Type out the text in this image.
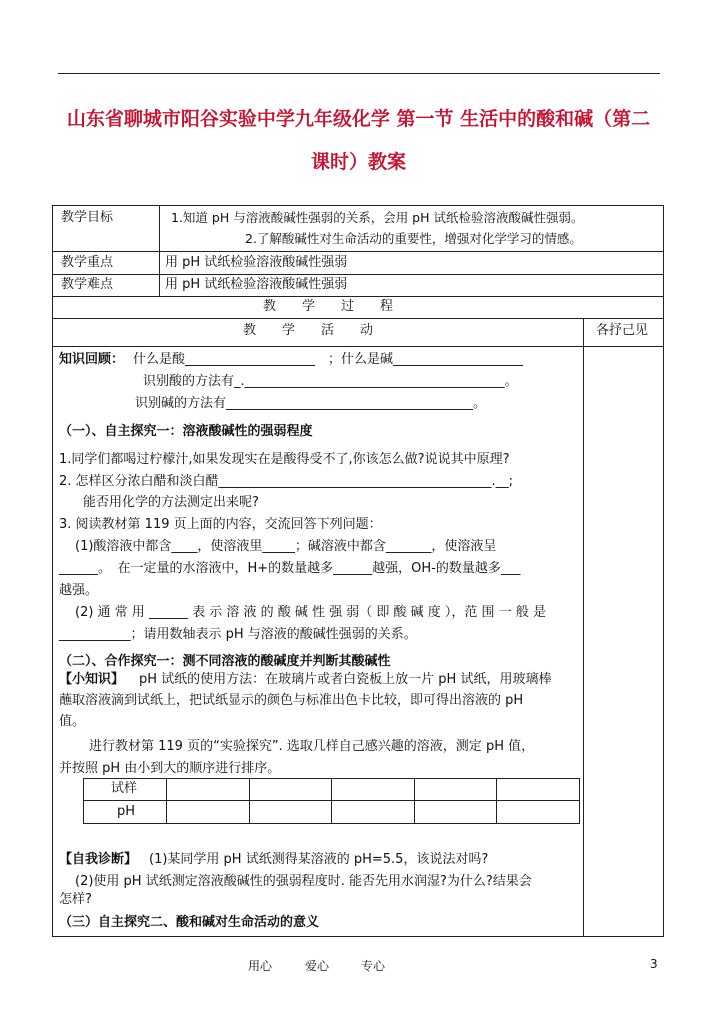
山东省聊城市阳谷实验中学九年级化学 第一节 生活中的酸和碱（第二
课时）教案
教学目标	1.知道 pH 与溶液酸碱性强弱的关系，会用 pH 试纸检验溶液酸碱性强弱。
2.了解酸碱性对生命活动的重要性，增强对化学学习的情感。
教学重点	用 pH 试纸检验溶液酸碱性强弱
教学难点	用 pH 试纸检验溶液酸碱性强弱
教　　学　　过　　程
教　　学　　活　　动	各抒己见
知识回顾： 什么是酸____________________　；什么是碱____________________
识别酸的方法有_.________________________________________。
识别碱的方法有______________________________________。
（一）、自主探究一：溶液酸碱性的强弱程度
1.同学们都喝过柠檬汁,如果发现实在是酸得受不了,你该怎么做?说说其中原理?
2. 怎样区分浓白醋和淡白醋__________________________________________.__;
能否用化学的方法测定出来呢?
3. 阅读教材第 119 页上面的内容，交流回答下列问题：
(1)酸溶液中都含____，使溶液里_____；碱溶液中都含_______，使溶液呈
______。　在一定量的水溶液中，H+的数量越多______越强，OH-的数量越多___
越强。
(2) 通 常 用 ______ 表 示 溶 液 的 酸 碱 性 强 弱（ 即 酸 碱 度 ），范 围 一 般 是
___________；请用数轴表示 pH 与溶液的酸碱性强弱的关系。
（二）、合作探究一：测不同溶液的酸碱度并判断其酸碱性
【小知识】 pH 试纸的使用方法：在玻璃片或者白瓷板上放一片 pH 试纸，用玻璃棒
蘸取溶液滴到试纸上，把试纸显示的颜色与标准出色卡比较，即可得出溶液的 pH
值。
进行教材第 119 页的“实验探究”. 选取几样自己感兴趣的溶液，测定 pH 值，
并按照 pH 由小到大的顺序进行排序。
试样
pH
【自我诊断】 (1)某同学用 pH 试纸测得某溶液的 pH=5.5，该说法对吗?
(2)使用 pH 试纸测定溶液酸碱性的强弱程度时. 能否先用水润湿?为什么?结果会
怎样?
（三）自主探究二、酸和碱对生命活动的意义
用心	爱心	专心	3
